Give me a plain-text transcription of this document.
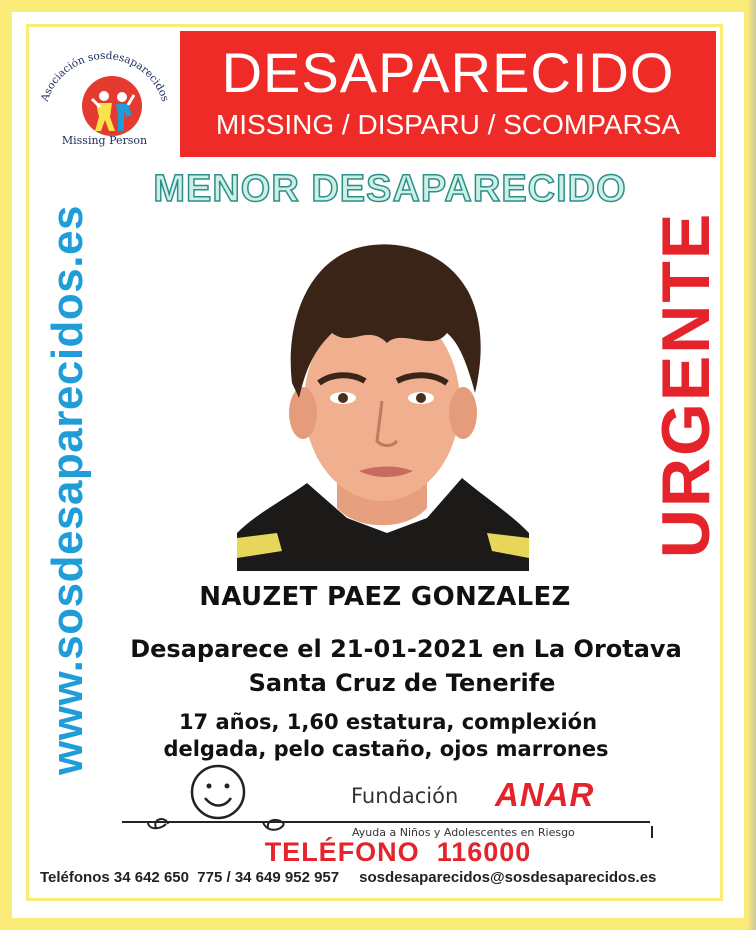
Asociación sosdesaparecidos
Missing Person
DESAPARECIDO
MISSING / DISPARU / SCOMPARSA
MENOR DESAPARECIDO
www.sosdesaparecidos.es	URGENTE
NAUZET PAEZ GONZALEZ
Desaparece el 21-01-2021 en La Orotava
Santa Cruz de Tenerife
17 años, 1,60 estatura, complexión
delgada, pelo castaño, ojos marrones
Fundación ANAR
Ayuda a Niños y Adolescentes en Riesgo
TELÉFONO  116000
Teléfonos 34 642 650  775 / 34 649 952 957 sosdesaparecidos@sosdesaparecidos.es
